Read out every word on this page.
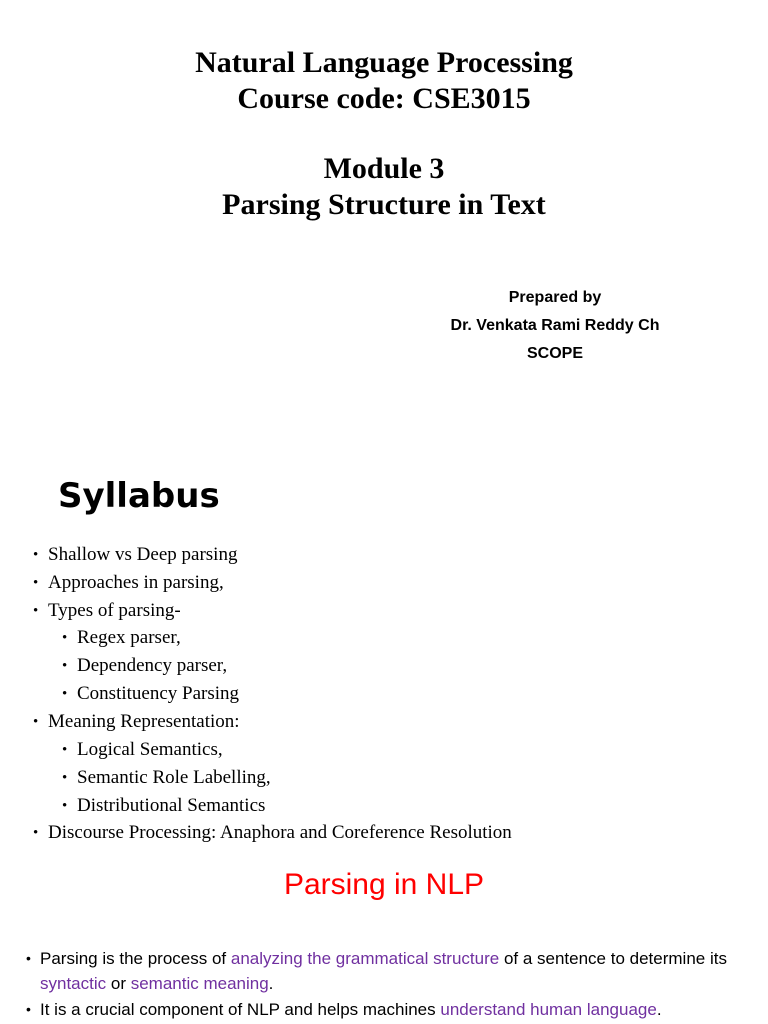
Natural Language Processing
Course code: CSE3015
Module 3
Parsing Structure in Text
Prepared by
Dr. Venkata Rami Reddy Ch
SCOPE
Syllabus
• Shallow vs Deep parsing
• Approaches in parsing,
• Types of parsing-
• Regex parser,
• Dependency parser,
• Constituency Parsing
• Meaning Representation:
• Logical Semantics,
• Semantic Role Labelling,
• Distributional Semantics
• Discourse Processing: Anaphora and Coreference Resolution
Parsing in NLP
• Parsing is the process of analyzing the grammatical structure of a sentence to determine its syntactic or semantic meaning.
• It is a crucial component of NLP and helps machines understand human language.
